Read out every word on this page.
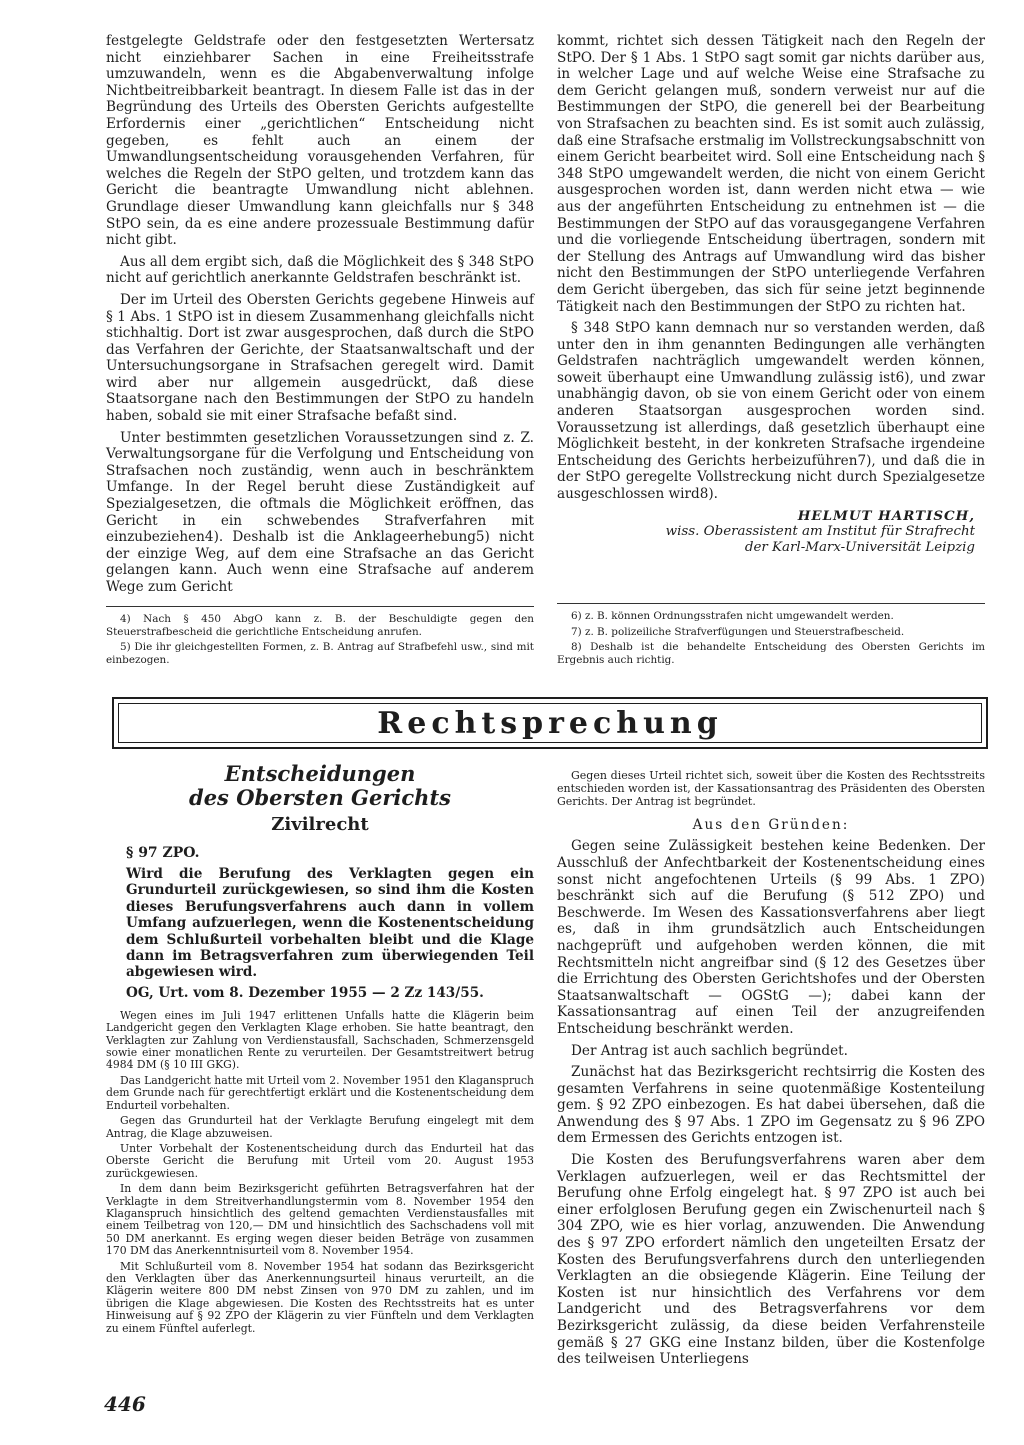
festgelegte Geldstrafe oder den festgesetzten Wertersatz nicht einziehbarer Sachen in eine Freiheitsstrafe umzuwandeln, wenn es die Abgabenverwaltung infolge Nichtbeitreibbarkeit beantragt. In diesem Falle ist das in der Begründung des Urteils des Obersten Gerichts aufgestellte Erfordernis einer „gerichtlichen“ Entscheidung nicht gegeben, es fehlt auch an einem der Umwandlungsentscheidung vorausgehenden Verfahren, für welches die Regeln der StPO gelten, und trotzdem kann das Gericht die beantragte Umwandlung nicht ablehnen. Grundlage dieser Umwandlung kann gleichfalls nur § 348 StPO sein, da es eine andere prozessuale Bestimmung dafür nicht gibt.

Aus all dem ergibt sich, daß die Möglichkeit des § 348 StPO nicht auf gerichtlich anerkannte Geldstrafen beschränkt ist.

Der im Urteil des Obersten Gerichts gegebene Hinweis auf § 1 Abs. 1 StPO ist in diesem Zusammenhang gleichfalls nicht stichhaltig. Dort ist zwar ausgesprochen, daß durch die StPO das Verfahren der Gerichte, der Staatsanwaltschaft und der Untersuchungsorgane in Strafsachen geregelt wird. Damit wird aber nur allgemein ausgedrückt, daß diese Staatsorgane nach den Bestimmungen der StPO zu handeln haben, sobald sie mit einer Strafsache befaßt sind.

Unter bestimmten gesetzlichen Voraussetzungen sind z. Z. Verwaltungsorgane für die Verfolgung und Entscheidung von Strafsachen noch zuständig, wenn auch in beschränktem Umfange. In der Regel beruht diese Zuständigkeit auf Spezialgesetzen, die oftmals die Möglichkeit eröffnen, das Gericht in ein schwebendes Strafverfahren mit einzubeziehen4). Deshalb ist die Anklageerhebung5) nicht der einzige Weg, auf dem eine Strafsache an das Gericht gelangen kann. Auch wenn eine Strafsache auf anderem Wege zum Gericht

kommt, richtet sich dessen Tätigkeit nach den Regeln der StPO. Der § 1 Abs. 1 StPO sagt somit gar nichts darüber aus, in welcher Lage und auf welche Weise eine Strafsache zu dem Gericht gelangen muß, sondern verweist nur auf die Bestimmungen der StPO, die generell bei der Bearbeitung von Strafsachen zu beachten sind. Es ist somit auch zulässig, daß eine Strafsache erstmalig im Vollstreckungsabschnitt von einem Gericht bearbeitet wird. Soll eine Entscheidung nach § 348 StPO umgewandelt werden, die nicht von einem Gericht ausgesprochen worden ist, dann werden nicht etwa — wie aus der angeführten Entscheidung zu entnehmen ist — die Bestimmungen der StPO auf das vorausgegangene Verfahren und die vorliegende Entscheidung übertragen, sondern mit der Stellung des Antrags auf Umwandlung wird das bisher nicht den Bestimmungen der StPO unterliegende Verfahren dem Gericht übergeben, das sich für seine jetzt beginnende Tätigkeit nach den Bestimmungen der StPO zu richten hat.

§ 348 StPO kann demnach nur so verstanden werden, daß unter den in ihm genannten Bedingungen alle verhängten Geldstrafen nachträglich umgewandelt werden können, soweit überhaupt eine Umwandlung zulässig ist6), und zwar unabhängig davon, ob sie von einem Gericht oder von einem anderen Staatsorgan ausgesprochen worden sind. Voraussetzung ist allerdings, daß gesetzlich überhaupt eine Möglichkeit besteht, in der konkreten Strafsache irgendeine Entscheidung des Gerichts herbeizuführen7), und daß die in der StPO geregelte Vollstreckung nicht durch Spezialgesetze ausgeschlossen wird8).

HELMUT HARTISCH,
wiss. Oberassistent am Institut für Strafrecht
der Karl-Marx-Universität Leipzig

4) Nach § 450 AbgO kann z. B. der Beschuldigte gegen den Steuerstrafbescheid die gerichtliche Entscheidung anrufen.

5) Die ihr gleichgestellten Formen, z. B. Antrag auf Strafbefehl usw., sind mit einbezogen.

6) z. B. können Ordnungsstrafen nicht umgewandelt werden.

7) z. B. polizeiliche Strafverfügungen und Steuerstrafbescheid.

8) Deshalb ist die behandelte Entscheidung des Obersten Gerichts im Ergebnis auch richtig.

Rechtsprechung

Entscheidungen

des Obersten Gerichts

Zivilrecht

§ 97 ZPO.

Wird die Berufung des Verklagten gegen ein Grundurteil zurückgewiesen, so sind ihm die Kosten dieses Berufungsverfahrens auch dann in vollem Umfang aufzuerlegen, wenn die Kostenentscheidung dem Schlußurteil vorbehalten bleibt und die Klage dann im Betragsverfahren zum überwiegenden Teil abgewiesen wird.

OG, Urt. vom 8. Dezember 1955 — 2 Zz 143/55.

Wegen eines im Juli 1947 erlittenen Unfalls hatte die Klägerin beim Landgericht gegen den Verklagten Klage erhoben. Sie hatte beantragt, den Verklagten zur Zahlung von Verdienstausfall, Sachschaden, Schmerzensgeld sowie einer monatlichen Rente zu verurteilen. Der Gesamtstreitwert betrug 4984 DM (§ 10 III GKG).

Das Landgericht hatte mit Urteil vom 2. November 1951 den Klaganspruch dem Grunde nach für gerechtfertigt erklärt und die Kostenentscheidung dem Endurteil vorbehalten.

Gegen das Grundurteil hat der Verklagte Berufung eingelegt mit dem Antrag, die Klage abzuweisen.

Unter Vorbehalt der Kostenentscheidung durch das Endurteil hat das Oberste Gericht die Berufung mit Urteil vom 20. August 1953 zurückgewiesen.

In dem dann beim Bezirksgericht geführten Betragsverfahren hat der Verklagte in dem Streitverhandlungstermin vom 8. November 1954 den Klaganspruch hinsichtlich des geltend gemachten Verdienstausfalles mit einem Teilbetrag von 120,— DM und hinsichtlich des Sachschadens voll mit 50 DM anerkannt. Es erging wegen dieser beiden Beträge von zusammen 170 DM das Anerkenntnisurteil vom 8. November 1954.

Mit Schlußurteil vom 8. November 1954 hat sodann das Bezirksgericht den Verklagten über das Anerkennungsurteil hinaus verurteilt, an die Klägerin weitere 800 DM nebst Zinsen von 970 DM zu zahlen, und im übrigen die Klage abgewiesen. Die Kosten des Rechtsstreits hat es unter Hinweisung auf § 92 ZPO der Klägerin zu vier Fünfteln und dem Verklagten zu einem Fünftel auferlegt.

Gegen dieses Urteil richtet sich, soweit über die Kosten des Rechtsstreits entschieden worden ist, der Kassationsantrag des Präsidenten des Obersten Gerichts. Der Antrag ist begründet.

Aus den Gründen:

Gegen seine Zulässigkeit bestehen keine Bedenken. Der Ausschluß der Anfechtbarkeit der Kostenentscheidung eines sonst nicht angefochtenen Urteils (§ 99 Abs. 1 ZPO) beschränkt sich auf die Berufung (§ 512 ZPO) und Beschwerde. Im Wesen des Kassationsverfahrens aber liegt es, daß in ihm grundsätzlich auch Entscheidungen nachgeprüft und aufgehoben werden können, die mit Rechtsmitteln nicht angreifbar sind (§ 12 des Gesetzes über die Errichtung des Obersten Gerichtshofes und der Obersten Staatsanwaltschaft — OGStG —); dabei kann der Kassationsantrag auf einen Teil der anzugreifenden Entscheidung beschränkt werden.

Der Antrag ist auch sachlich begründet.

Zunächst hat das Bezirksgericht rechtsirrig die Kosten des gesamten Verfahrens in seine quotenmäßige Kostenteilung gem. § 92 ZPO einbezogen. Es hat dabei übersehen, daß die Anwendung des § 97 Abs. 1 ZPO im Gegensatz zu § 96 ZPO dem Ermessen des Gerichts entzogen ist.

Die Kosten des Berufungsverfahrens waren aber dem Verklagen aufzuerlegen, weil er das Rechtsmittel der Berufung ohne Erfolg eingelegt hat. § 97 ZPO ist auch bei einer erfolglosen Berufung gegen ein Zwischenurteil nach § 304 ZPO, wie es hier vorlag, anzuwenden. Die Anwendung des § 97 ZPO erfordert nämlich den ungeteilten Ersatz der Kosten des Berufungsverfahrens durch den unterliegenden Verklagten an die obsiegende Klägerin. Eine Teilung der Kosten ist nur hinsichtlich des Verfahrens vor dem Landgericht und des Betragsverfahrens vor dem Bezirksgericht zulässig, da diese beiden Verfahrensteile gemäß § 27 GKG eine Instanz bilden, über die Kostenfolge des teilweisen Unterliegens

446
